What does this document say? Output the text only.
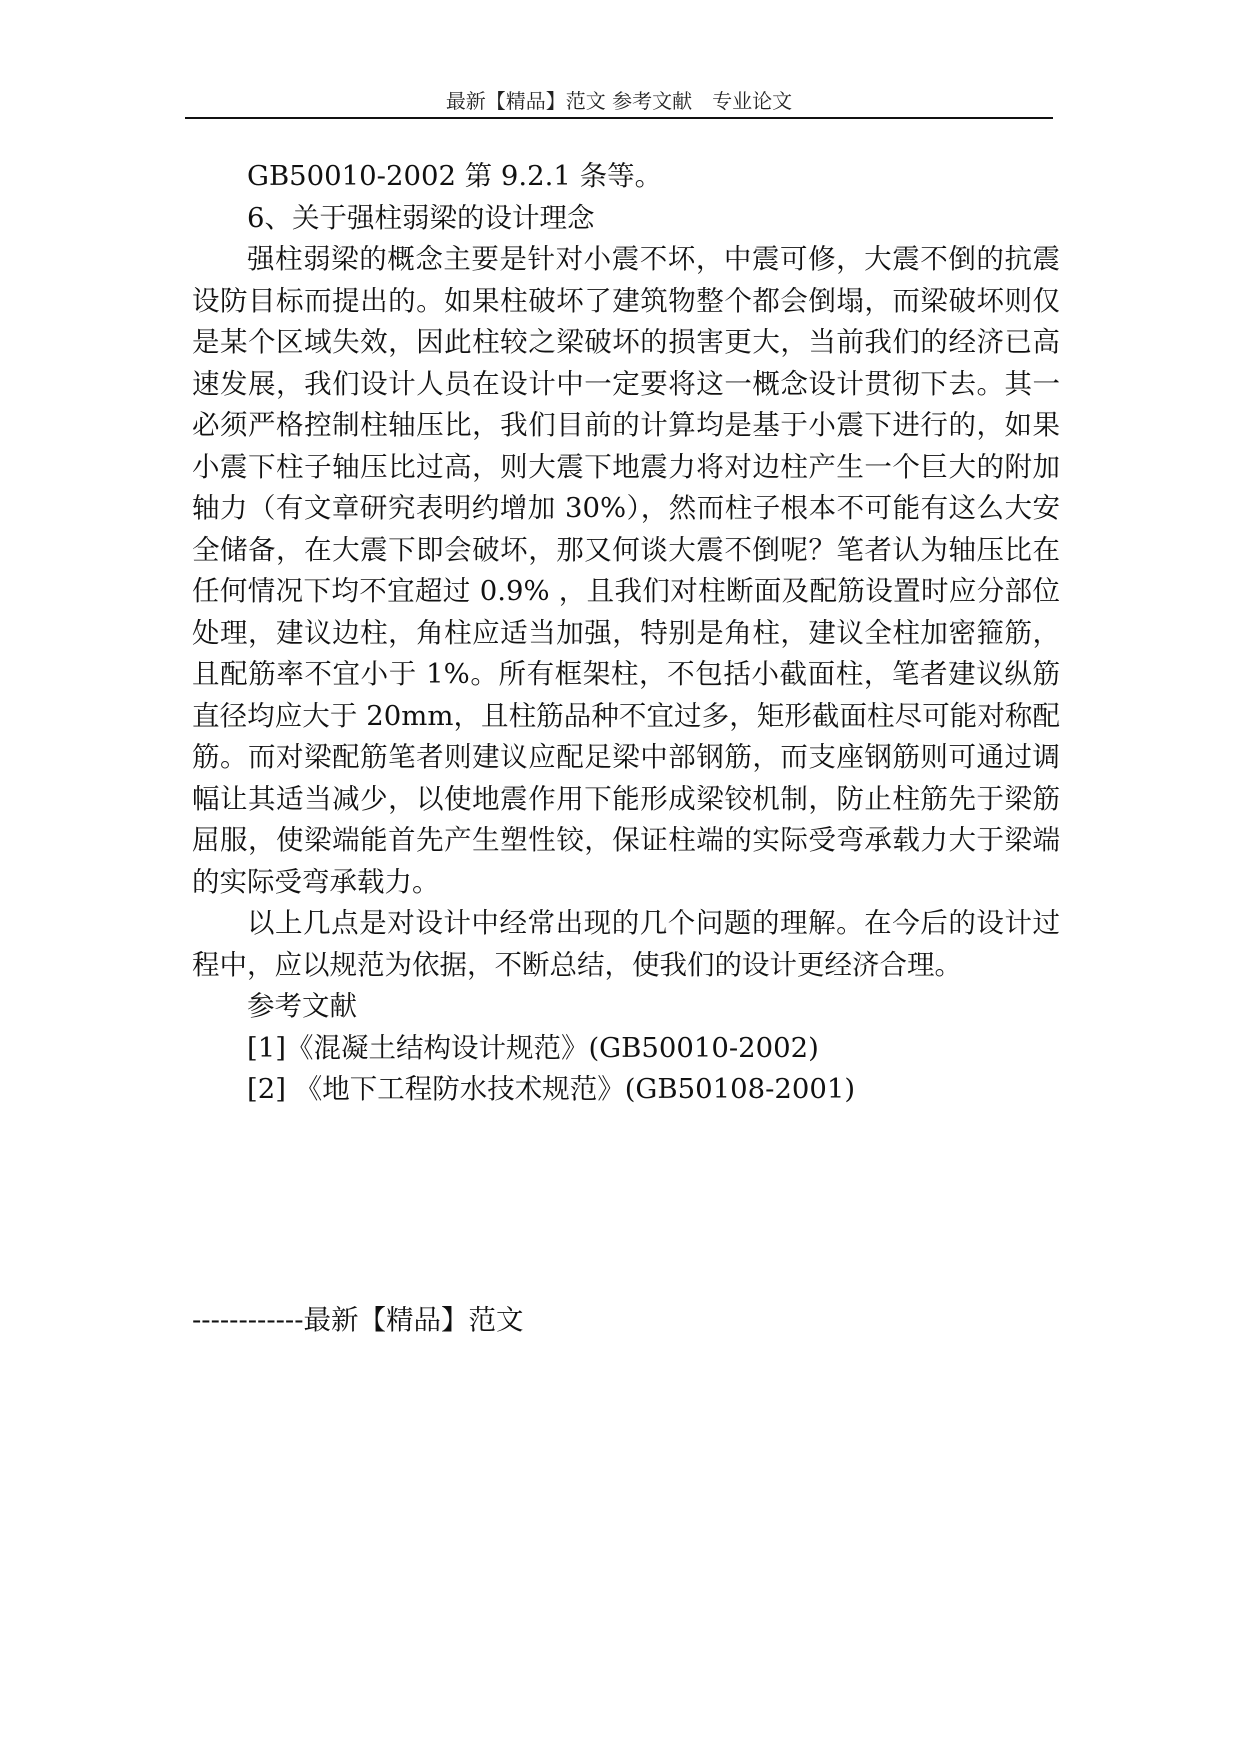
最新【精品】范文 参考文献　专业论文

GB50010-2002 第 9.2.1 条等。

6、关于强柱弱梁的设计理念

强柱弱梁的概念主要是针对小震不坏，中震可修，大震不倒的抗震设防目标而提出的。如果柱破坏了建筑物整个都会倒塌，而梁破坏则仅是某个区域失效，因此柱较之梁破坏的损害更大，当前我们的经济已高速发展，我们设计人员在设计中一定要将这一概念设计贯彻下去。其一必须严格控制柱轴压比，我们目前的计算均是基于小震下进行的，如果小震下柱子轴压比过高，则大震下地震力将对边柱产生一个巨大的附加轴力（有文章研究表明约增加 30%），然而柱子根本不可能有这么大安全储备，在大震下即会破坏，那又何谈大震不倒呢？笔者认为轴压比在任何情况下均不宜超过 0.9% ，且我们对柱断面及配筋设置时应分部位处理，建议边柱，角柱应适当加强，特别是角柱，建议全柱加密箍筋，且配筋率不宜小于 1%。所有框架柱，不包括小截面柱，笔者建议纵筋直径均应大于 20mm，且柱筋品种不宜过多，矩形截面柱尽可能对称配筋。而对梁配筋笔者则建议应配足梁中部钢筋，而支座钢筋则可通过调幅让其适当减少，以使地震作用下能形成梁铰机制，防止柱筋先于梁筋屈服，使梁端能首先产生塑性铰，保证柱端的实际受弯承载力大于梁端的实际受弯承载力。

以上几点是对设计中经常出现的几个问题的理解。在今后的设计过程中，应以规范为依据，不断总结，使我们的设计更经济合理。

参考文献

[1]《混凝土结构设计规范》(GB50010-2002)

[2] 《地下工程防水技术规范》(GB50108-2001)

------------最新【精品】范文
